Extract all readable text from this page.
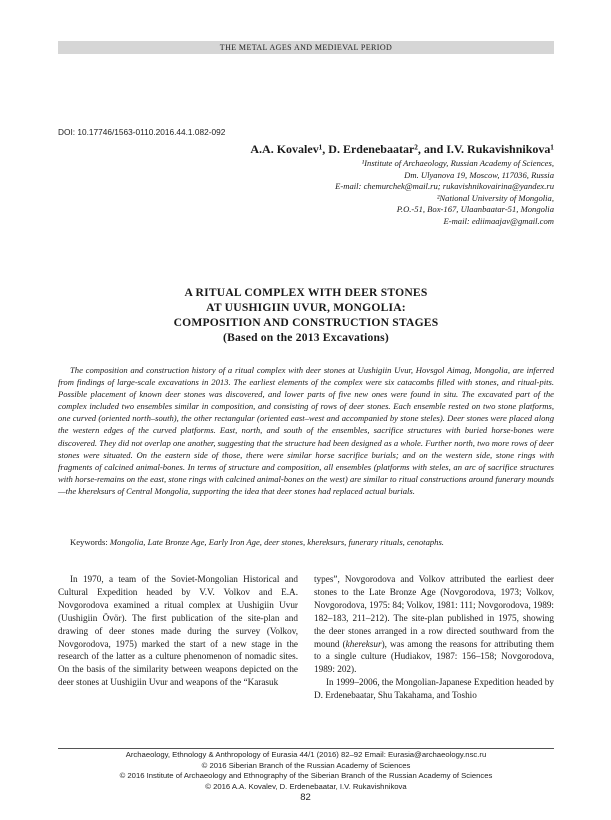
THE METAL AGES AND MEDIEVAL PERIOD
DOI: 10.17746/1563-0110.2016.44.1.082-092
A.A. Kovalev¹, D. Erdenebaatar², and I.V. Rukavishnikova¹
¹Institute of Archaeology, Russian Academy of Sciences,
Dm. Ulyanova 19, Moscow, 117036, Russia
E-mail: chemurchek@mail.ru; rukavishnikovairina@yandex.ru
²National University of Mongolia,
P.O.-51, Box-167, Ulaanbaatar-51, Mongolia
E-mail: ediimaajav@gmail.com
A RITUAL COMPLEX WITH DEER STONES
AT UUSHIGIIN UVUR, MONGOLIA:
COMPOSITION AND CONSTRUCTION STAGES
(Based on the 2013 Excavations)

The composition and construction history of a ritual complex with deer stones at Uushigiin Uvur, Hovsgol Aimag, Mongolia, are inferred from findings of large-scale excavations in 2013. The earliest elements of the complex were six catacombs filled with stones, and ritual-pits. Possible placement of known deer stones was discovered, and lower parts of five new ones were found in situ. The excavated part of the complex included two ensembles similar in composition, and consisting of rows of deer stones. Each ensemble rested on two stone platforms, one curved (oriented north–south), the other rectangular (oriented east–west and accompanied by stone steles). Deer stones were placed along the western edges of the curved platforms. East, north, and south of the ensembles, sacrifice structures with buried horse-bones were discovered. They did not overlap one another, suggesting that the structure had been designed as a whole. Further north, two more rows of deer stones were situated. On the eastern side of those, there were similar horse sacrifice burials; and on the western side, stone rings with fragments of calcined animal-bones. In terms of structure and composition, all ensembles (platforms with steles, an arc of sacrifice structures with horse-remains on the east, stone rings with calcined animal-bones on the west) are similar to ritual constructions around funerary mounds—the khereksurs of Central Mongolia, supporting the idea that deer stones had replaced actual burials.

Keywords: Mongolia, Late Bronze Age, Early Iron Age, deer stones, khereksurs, funerary rituals, cenotaphs.

In 1970, a team of the Soviet-Mongolian Historical and Cultural Expedition headed by V.V. Volkov and E.A. Novgorodova examined a ritual complex at Uushigiin Uvur (Uushigiin Övör). The first publication of the site-plan and drawing of deer stones made during the survey (Volkov, Novgorodova, 1975) marked the start of a new stage in the research of the latter as a culture phenomenon of nomadic sites. On the basis of the similarity between weapons depicted on the deer stones at Uushigiin Uvur and weapons of the “Karasuk

types”, Novgorodova and Volkov attributed the earliest deer stones to the Late Bronze Age (Novgorodova, 1973; Volkov, Novgorodova, 1975: 84; Volkov, 1981: 111; Novgorodova, 1989: 182–183, 211–212). The site-plan published in 1975, showing the deer stones arranged in a row directed southward from the mound (khereksur), was among the reasons for attributing them to a single culture (Hudiakov, 1987: 156–158; Novgorodova, 1989: 202).

In 1999–2006, the Mongolian-Japanese Expedition headed by D. Erdenebaatar, Shu Takahama, and Toshio

Archaeology, Ethnology & Anthropology of Eurasia 44/1 (2016) 82–92 Email: Eurasia@archaeology.nsc.ru
© 2016 Siberian Branch of the Russian Academy of Sciences
© 2016 Institute of Archaeology and Ethnography of the Siberian Branch of the Russian Academy of Sciences
© 2016 A.A. Kovalev, D. Erdenebaatar, I.V. Rukavishnikova
82
